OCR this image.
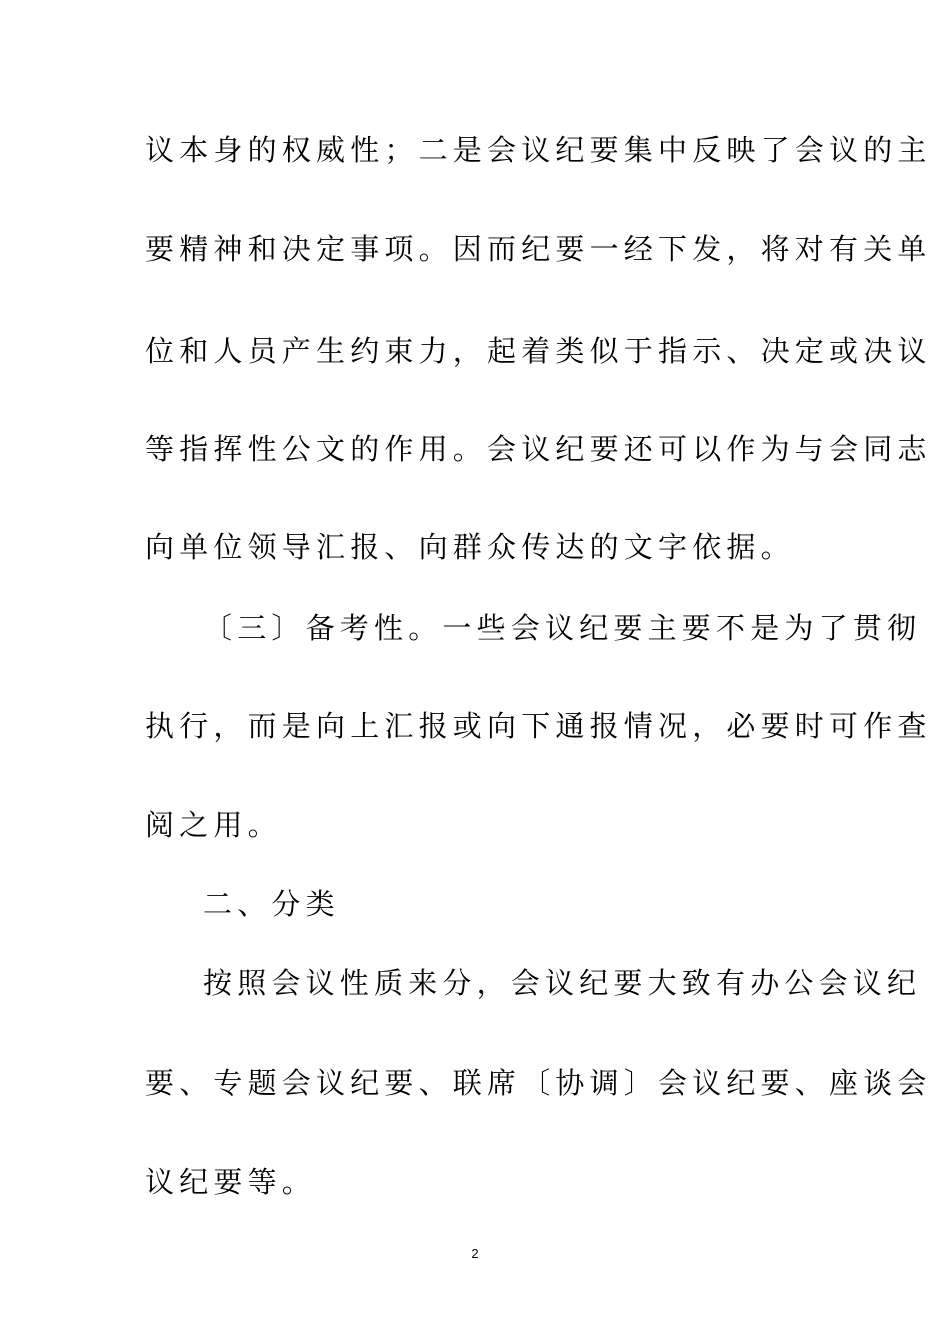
议本身的权威性；二是会议纪要集中反映了会议的主
要精神和决定事项。因而纪要一经下发，将对有关单
位和人员产生约束力，起着类似于指示、决定或决议
等指挥性公文的作用。会议纪要还可以作为与会同志
向单位领导汇报、向群众传达的文字依据。
〔三〕备考性。一些会议纪要主要不是为了贯彻
执行，而是向上汇报或向下通报情况，必要时可作查
阅之用。
二、分类
按照会议性质来分，会议纪要大致有办公会议纪
要、专题会议纪要、联席〔协调〕会议纪要、座谈会
议纪要等。
2
